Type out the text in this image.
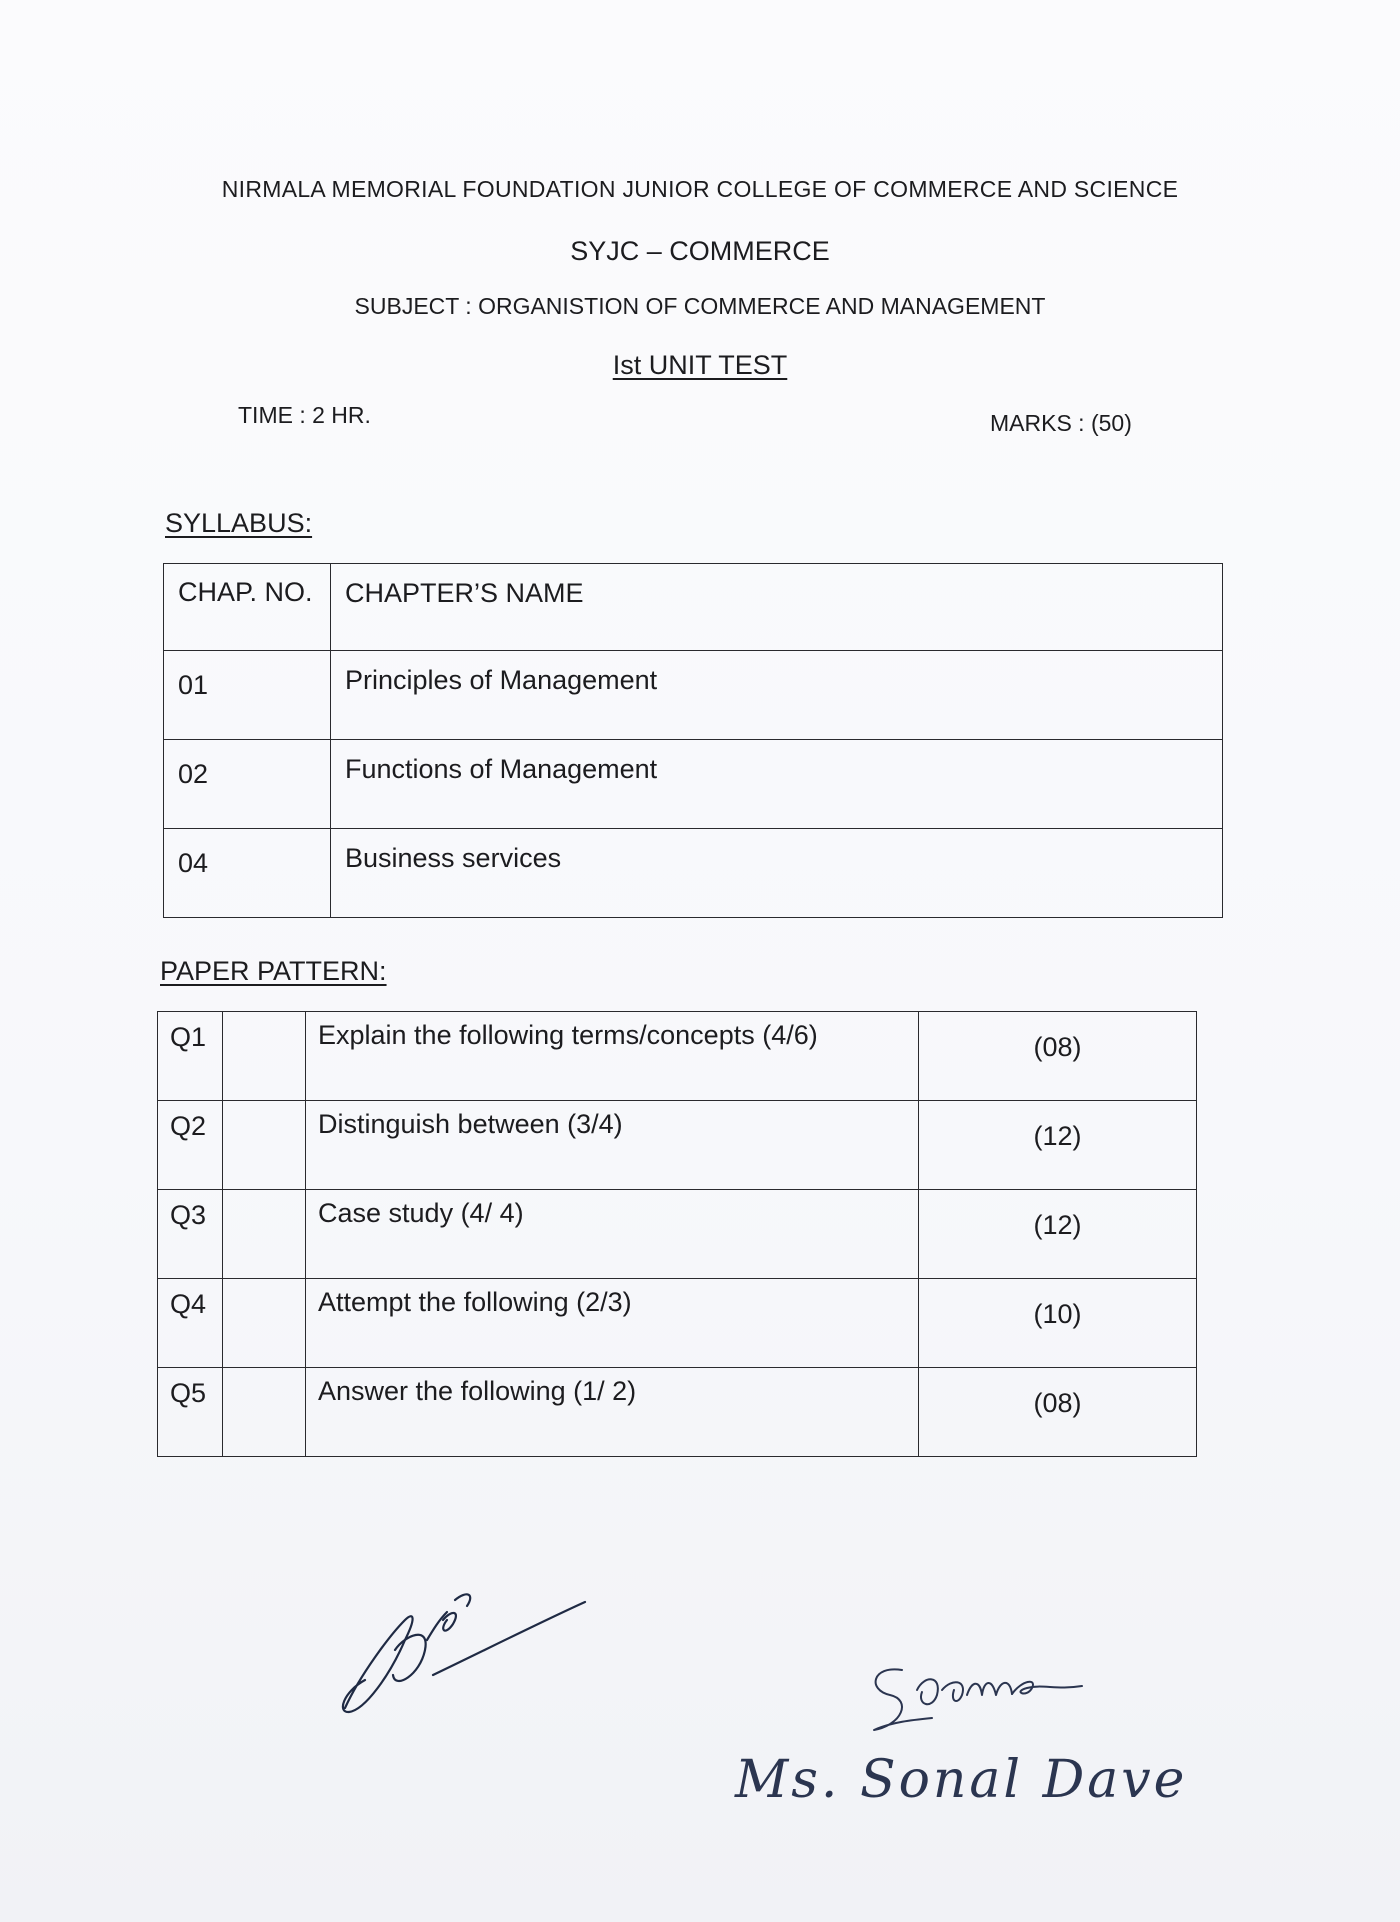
NIRMALA MEMORIAL FOUNDATION JUNIOR COLLEGE OF COMMERCE AND SCIENCE
SYJC – COMMERCE
SUBJECT : ORGANISTION OF COMMERCE AND MANAGEMENT
Ist UNIT TEST
TIME : 2 HR.	MARKS : (50)
SYLLABUS:
CHAP. NO.	CHAPTER’S NAME
01	Principles of Management
02	Functions of Management
04	Business services
PAPER PATTERN:
Q1		Explain the following terms/concepts (4/6)	(08)
Q2		Distinguish between (3/4)	(12)
Q3		Case study (4/ 4)	(12)
Q4		Attempt the following (2/3)	(10)
Q5		Answer the following (1/ 2)	(08)
Ms. Sonal Dave
